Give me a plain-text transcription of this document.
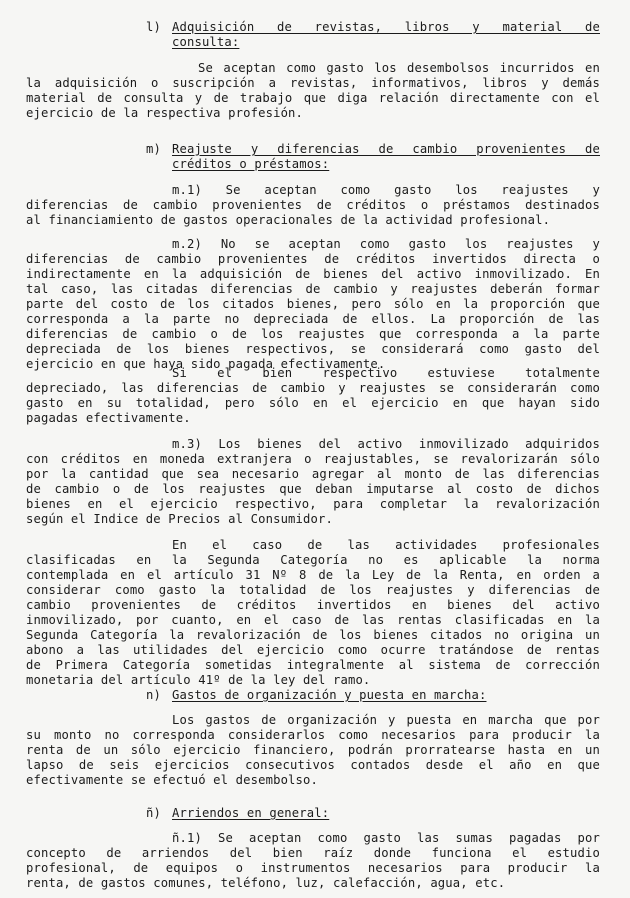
l) Adquisición de revistas, libros y material de
consulta:
Se aceptan como gasto los desembolsos incurridos en
la adquisición o suscripción a revistas, informativos, libros y demás
material de consulta y de trabajo que diga relación directamente con el
ejercicio de la respectiva profesión.
m) Reajuste y diferencias de cambio provenientes de
créditos o préstamos:
m.1) Se aceptan como gasto los reajustes y
diferencias de cambio provenientes de créditos o préstamos destinados
al financiamiento de gastos operacionales de la actividad profesional.
m.2) No se aceptan como gasto los reajustes y
diferencias de cambio provenientes de créditos invertidos directa o
indirectamente en la adquisición de bienes del activo inmovilizado. En
tal caso, las citadas diferencias de cambio y reajustes deberán formar
parte del costo de los citados bienes, pero sólo en la proporción que
corresponda a la parte no depreciada de ellos. La proporción de las
diferencias de cambio o de los reajustes que corresponda a la parte
depreciada de los bienes respectivos, se considerará como gasto del
ejercicio en que haya sido pagada efectivamente.
Si el bien respectivo estuviese totalmente
depreciado, las diferencias de cambio y reajustes se considerarán como
gasto en su totalidad, pero sólo en el ejercicio en que hayan sido
pagadas efectivamente.
m.3) Los bienes del activo inmovilizado adquiridos
con créditos en moneda extranjera o reajustables, se revalorizarán sólo
por la cantidad que sea necesario agregar al monto de las diferencias
de cambio o de los reajustes que deban imputarse al costo de dichos
bienes en el ejercicio respectivo, para completar la revalorización
según el Indice de Precios al Consumidor.
En el caso de las actividades profesionales
clasificadas en la Segunda Categoría no es aplicable la norma
contemplada en el artículo 31 Nº 8 de la Ley de la Renta, en orden a
considerar como gasto la totalidad de los reajustes y diferencias de
cambio provenientes de créditos invertidos en bienes del activo
inmovilizado, por cuanto, en el caso de las rentas clasificadas en la
Segunda Categoría la revalorización de los bienes citados no origina un
abono a las utilidades del ejercicio como ocurre tratándose de rentas
de Primera Categoría sometidas integralmente al sistema de corrección
monetaria del artículo 41º de la ley del ramo.
n) Gastos de organización y puesta en marcha:
Los gastos de organización y puesta en marcha que por
su monto no corresponda considerarlos como necesarios para producir la
renta de un sólo ejercicio financiero, podrán prorratearse hasta en un
lapso de seis ejercicios consecutivos contados desde el año en que
efectivamente se efectuó el desembolso.
ñ) Arriendos en general:
ñ.1) Se aceptan como gasto las sumas pagadas por
concepto de arriendos del bien raíz donde funciona el estudio
profesional, de equipos o instrumentos necesarios para producir la
renta, de gastos comunes, teléfono, luz, calefacción, agua, etc.
